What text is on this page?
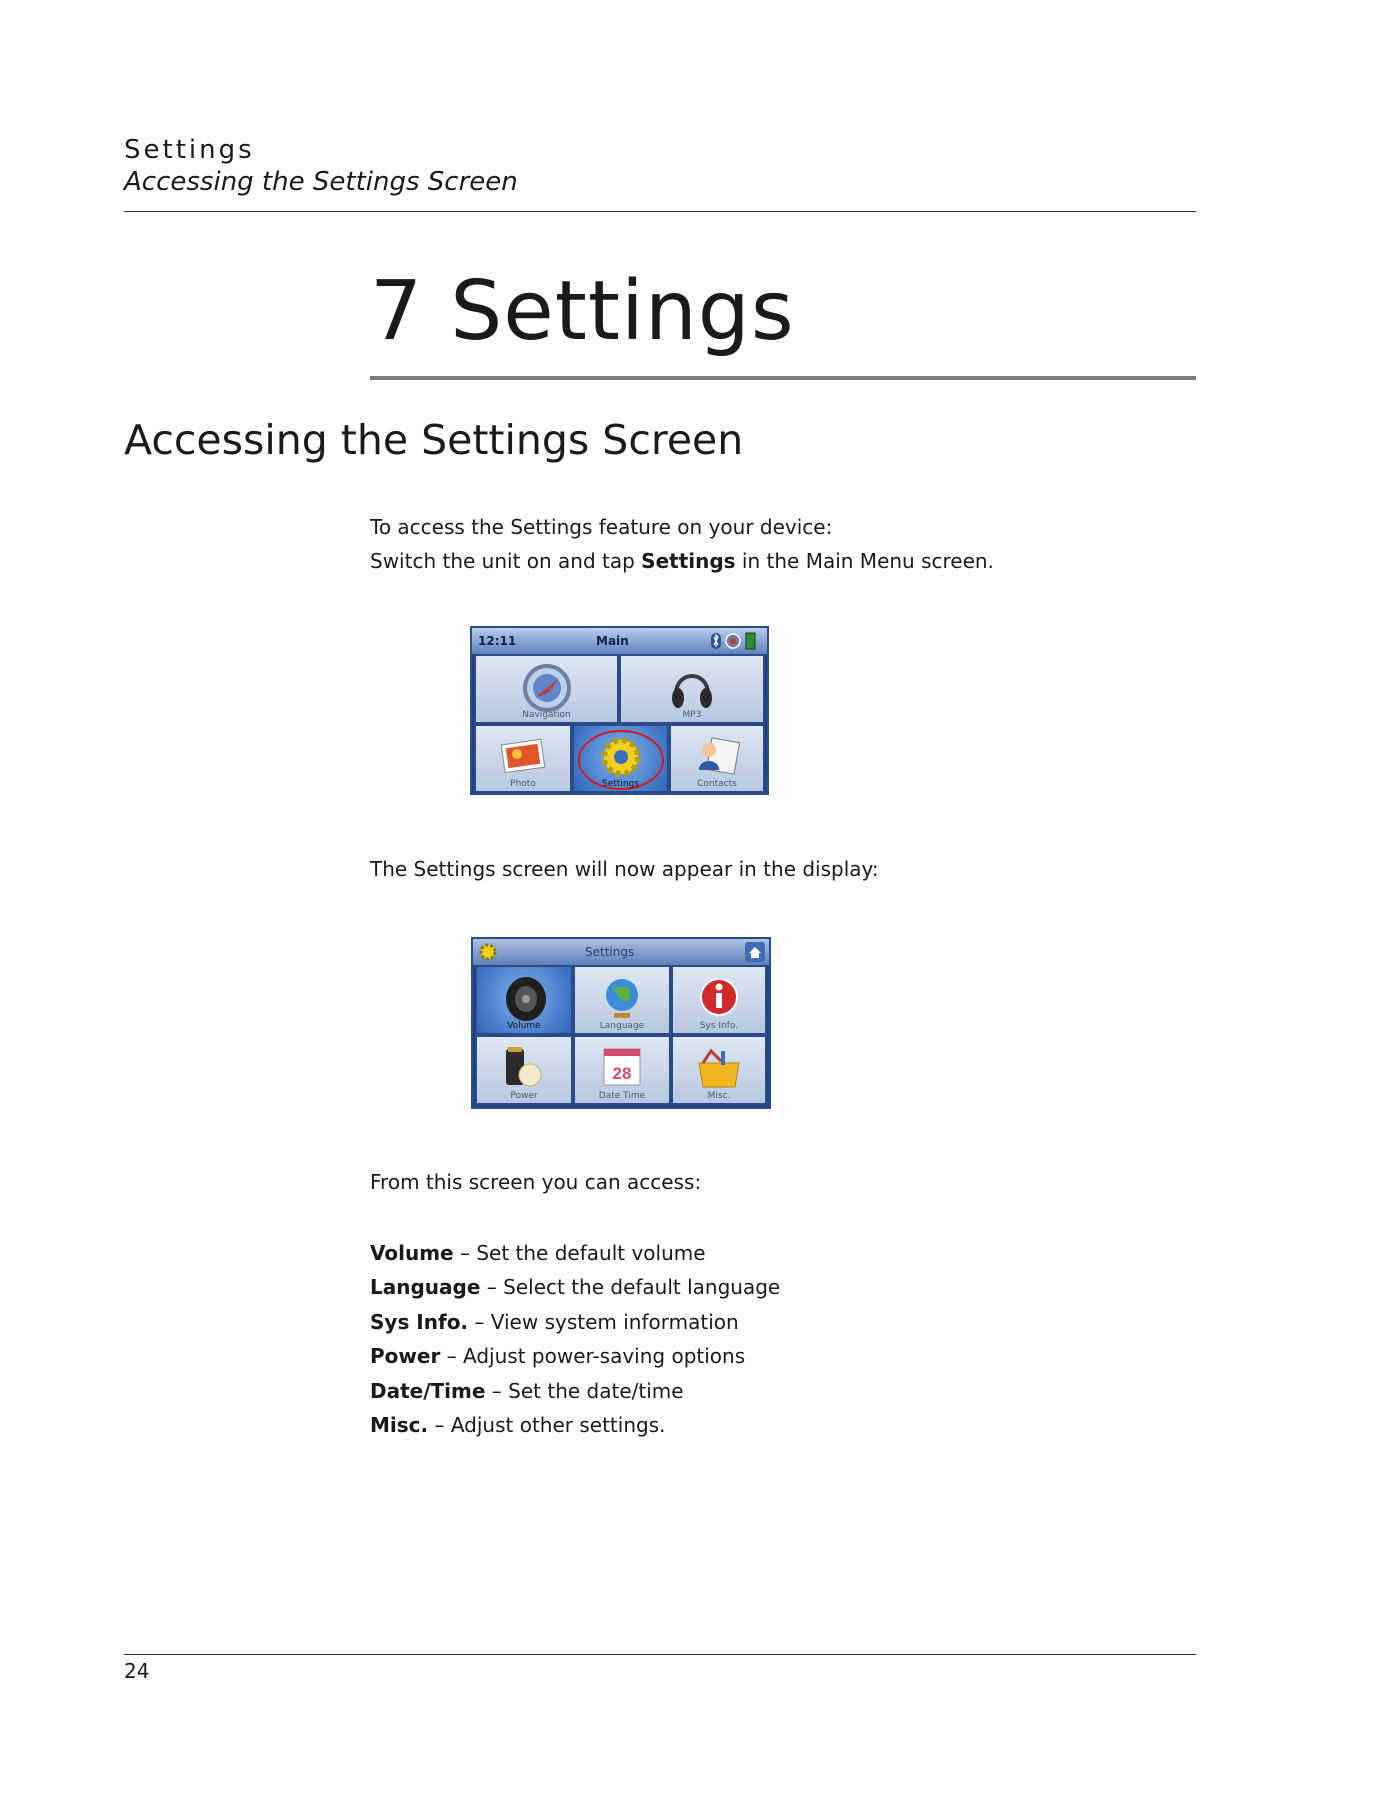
Settings
Accessing the Settings Screen
7 Settings
Accessing the Settings Screen
To access the Settings feature on your device:
Switch the unit on and tap Settings in the Main Menu screen.
12:11	Main
Navigation	MP3
Photo	Settings	Contacts
The Settings screen will now appear in the display:
Settings
Volume	Language	Sys Info.
Power
28
Date Time	Misc.
From this screen you can access:
Volume – Set the default volume
Language – Select the default language
Sys Info. – View system information
Power – Adjust power-saving options
Date/Time – Set the date/time
Misc. – Adjust other settings.
24
